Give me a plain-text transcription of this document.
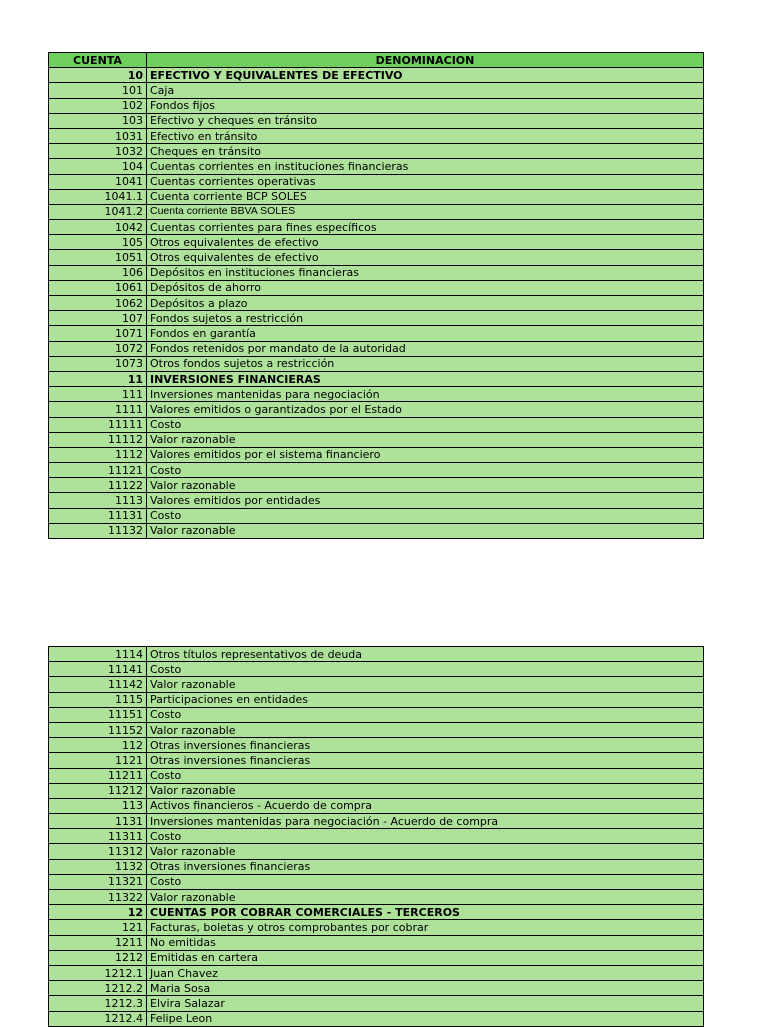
CUENTA	DENOMINACION
10	EFECTIVO Y EQUIVALENTES DE EFECTIVO
101	Caja
102	Fondos fijos
103	Efectivo y cheques en tránsito
1031	Efectivo en tránsito
1032	Cheques en tránsito
104	Cuentas corrientes en instituciones financieras
1041	Cuentas corrientes operativas
1041.1	Cuenta corriente BCP SOLES
1041.2	Cuenta corriente BBVA SOLES
1042	Cuentas corrientes para fines específicos
105	Otros equivalentes de efectivo
1051	Otros equivalentes de efectivo
106	Depósitos en instituciones financieras
1061	Depósitos de ahorro
1062	Depósitos a plazo
107	Fondos sujetos a restricción
1071	Fondos en garantía
1072	Fondos retenidos por mandato de la autoridad
1073	Otros fondos sujetos a restricción
11	INVERSIONES FINANCIERAS
111	Inversiones mantenidas para negociación
1111	Valores emitidos o garantizados por el Estado
11111	Costo
11112	Valor razonable
1112	Valores emitidos por el sistema financiero
11121	Costo
11122	Valor razonable
1113	Valores emitidos por entidades
11131	Costo
11132	Valor razonable
1114	Otros títulos representativos de deuda
11141	Costo
11142	Valor razonable
1115	Participaciones en entidades
11151	Costo
11152	Valor razonable
112	Otras inversiones financieras
1121	Otras inversiones financieras
11211	Costo
11212	Valor razonable
113	Activos financieros - Acuerdo de compra
1131	Inversiones mantenidas para negociación - Acuerdo de compra
11311	Costo
11312	Valor razonable
1132	Otras inversiones financieras
11321	Costo
11322	Valor razonable
12	CUENTAS POR COBRAR COMERCIALES - TERCEROS
121	Facturas, boletas y otros comprobantes por cobrar
1211	No emitidas
1212	Emitidas en cartera
1212.1	Juan Chavez
1212.2	Maria Sosa
1212.3	Elvira Salazar
1212.4	Felipe Leon
